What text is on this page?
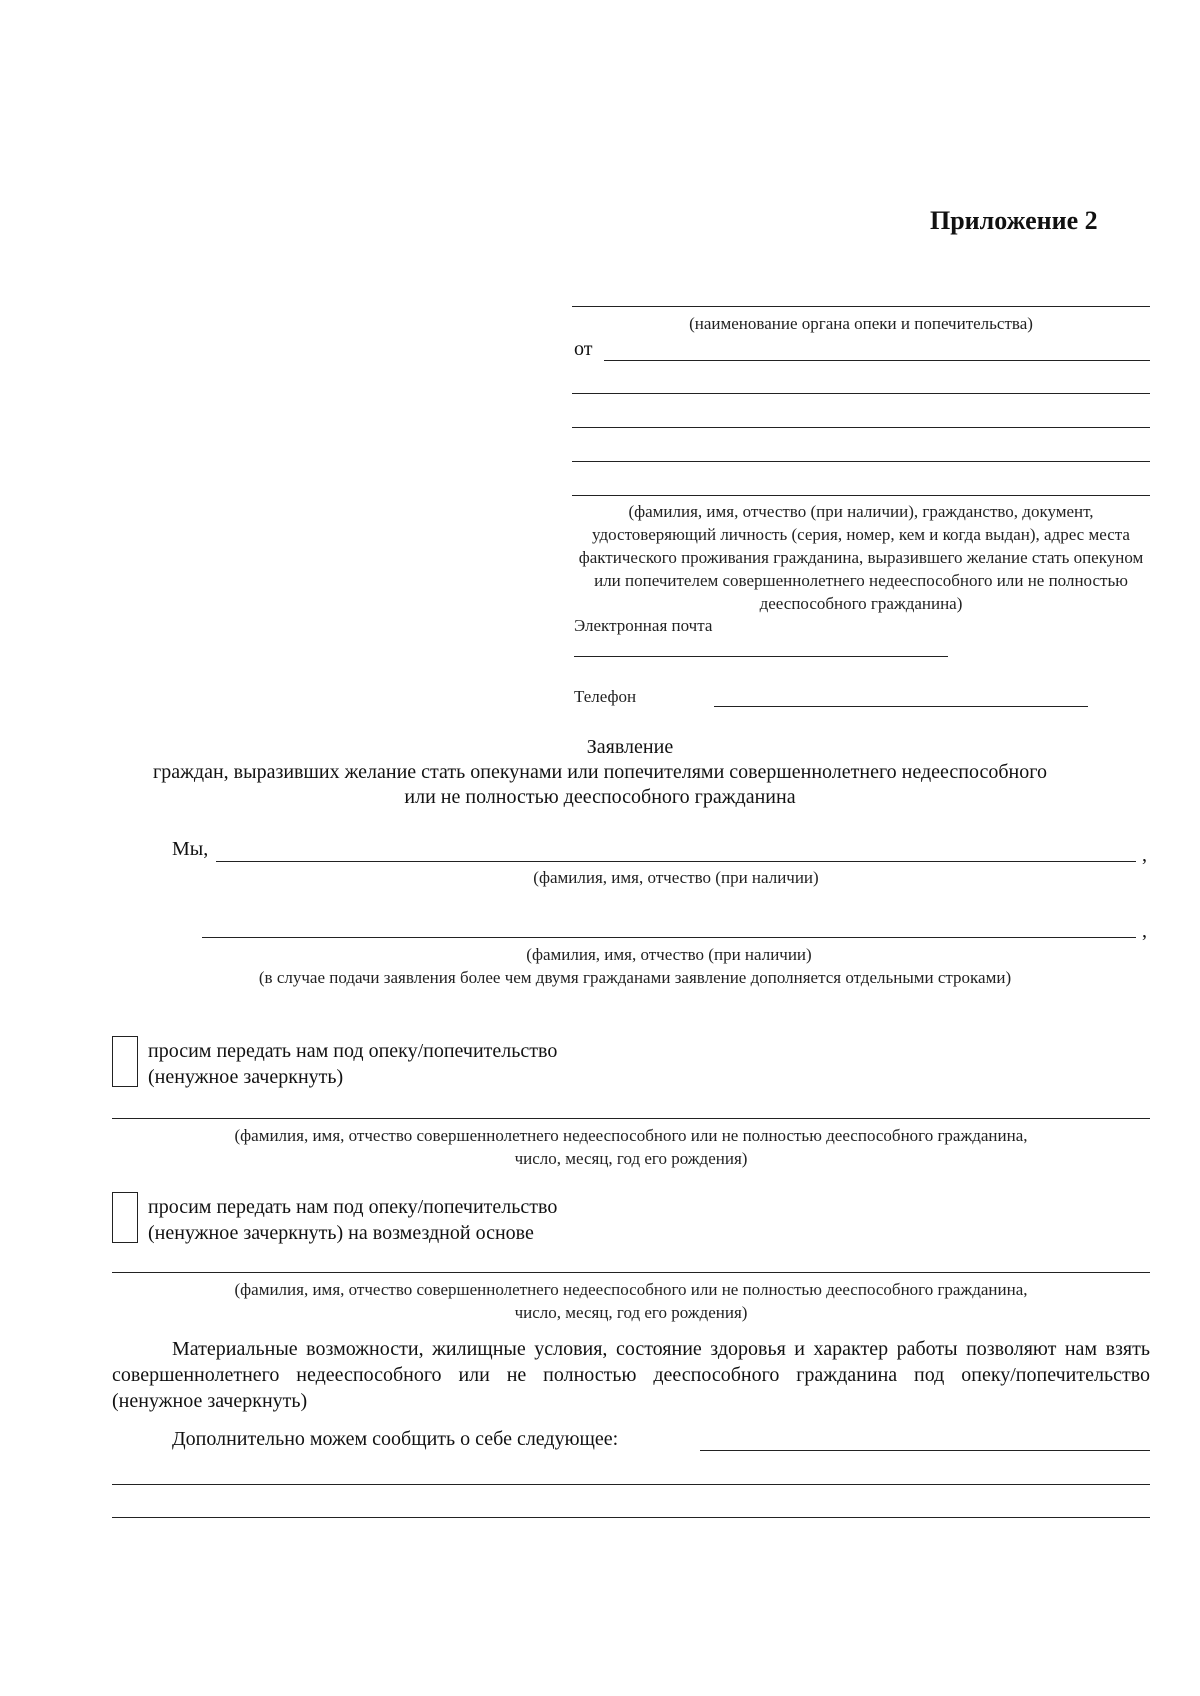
Приложение 2
(наименование органа опеки и попечительства)
от
(фамилия, имя, отчество (при наличии), гражданство, документ, удостоверяющий личность (серия, номер, кем и когда выдан), адрес места фактического проживания гражданина, выразившего желание стать опекуном или попечителем совершеннолетнего недееспособного или не полностью дееспособного гражданина)
Электронная почта
Телефон
Заявление
граждан, выразивших желание стать опекунами или попечителями совершеннолетнего недееспособного
или не полностью дееспособного гражданина
Мы,	,
(фамилия, имя, отчество (при наличии)
,
(фамилия, имя, отчество (при наличии)
(в случае подачи заявления более чем двумя гражданами заявление дополняется отдельными строками)
просим передать нам под опеку/попечительство
(ненужное зачеркнуть)
(фамилия, имя, отчество совершеннолетнего недееспособного или не полностью дееспособного гражданина,
число, месяц, год его рождения)
просим передать нам под опеку/попечительство
(ненужное зачеркнуть) на возмездной основе
(фамилия, имя, отчество совершеннолетнего недееспособного или не полностью дееспособного гражданина,
число, месяц, год его рождения)
Материальные возможности, жилищные условия, состояние здоровья и характер работы позволяют нам взять совершеннолетнего недееспособного или не полностью дееспособного гражданина под опеку/попечительство (ненужное зачеркнуть)
Дополнительно можем сообщить о себе следующее:
